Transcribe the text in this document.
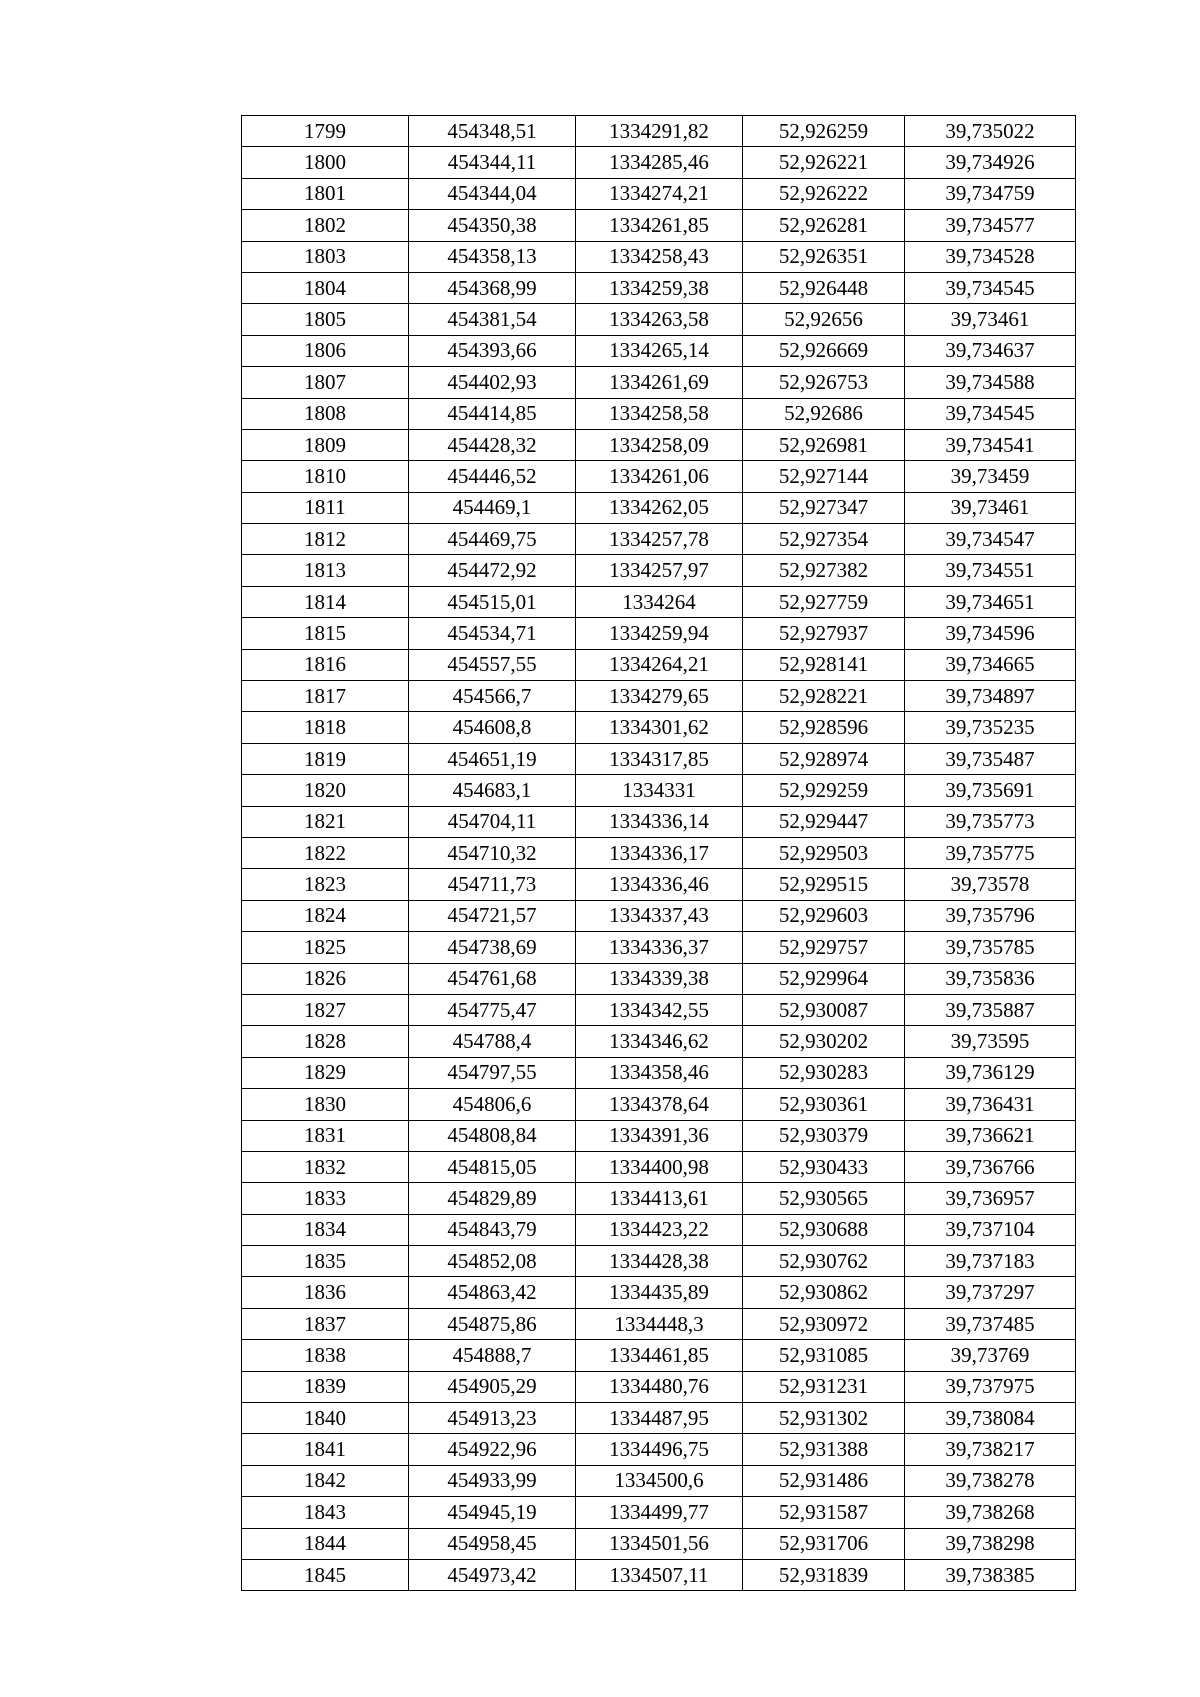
1799	454348,51	1334291,82	52,926259	39,735022
1800	454344,11	1334285,46	52,926221	39,734926
1801	454344,04	1334274,21	52,926222	39,734759
1802	454350,38	1334261,85	52,926281	39,734577
1803	454358,13	1334258,43	52,926351	39,734528
1804	454368,99	1334259,38	52,926448	39,734545
1805	454381,54	1334263,58	52,92656	39,73461
1806	454393,66	1334265,14	52,926669	39,734637
1807	454402,93	1334261,69	52,926753	39,734588
1808	454414,85	1334258,58	52,92686	39,734545
1809	454428,32	1334258,09	52,926981	39,734541
1810	454446,52	1334261,06	52,927144	39,73459
1811	454469,1	1334262,05	52,927347	39,73461
1812	454469,75	1334257,78	52,927354	39,734547
1813	454472,92	1334257,97	52,927382	39,734551
1814	454515,01	1334264	52,927759	39,734651
1815	454534,71	1334259,94	52,927937	39,734596
1816	454557,55	1334264,21	52,928141	39,734665
1817	454566,7	1334279,65	52,928221	39,734897
1818	454608,8	1334301,62	52,928596	39,735235
1819	454651,19	1334317,85	52,928974	39,735487
1820	454683,1	1334331	52,929259	39,735691
1821	454704,11	1334336,14	52,929447	39,735773
1822	454710,32	1334336,17	52,929503	39,735775
1823	454711,73	1334336,46	52,929515	39,73578
1824	454721,57	1334337,43	52,929603	39,735796
1825	454738,69	1334336,37	52,929757	39,735785
1826	454761,68	1334339,38	52,929964	39,735836
1827	454775,47	1334342,55	52,930087	39,735887
1828	454788,4	1334346,62	52,930202	39,73595
1829	454797,55	1334358,46	52,930283	39,736129
1830	454806,6	1334378,64	52,930361	39,736431
1831	454808,84	1334391,36	52,930379	39,736621
1832	454815,05	1334400,98	52,930433	39,736766
1833	454829,89	1334413,61	52,930565	39,736957
1834	454843,79	1334423,22	52,930688	39,737104
1835	454852,08	1334428,38	52,930762	39,737183
1836	454863,42	1334435,89	52,930862	39,737297
1837	454875,86	1334448,3	52,930972	39,737485
1838	454888,7	1334461,85	52,931085	39,73769
1839	454905,29	1334480,76	52,931231	39,737975
1840	454913,23	1334487,95	52,931302	39,738084
1841	454922,96	1334496,75	52,931388	39,738217
1842	454933,99	1334500,6	52,931486	39,738278
1843	454945,19	1334499,77	52,931587	39,738268
1844	454958,45	1334501,56	52,931706	39,738298
1845	454973,42	1334507,11	52,931839	39,738385
